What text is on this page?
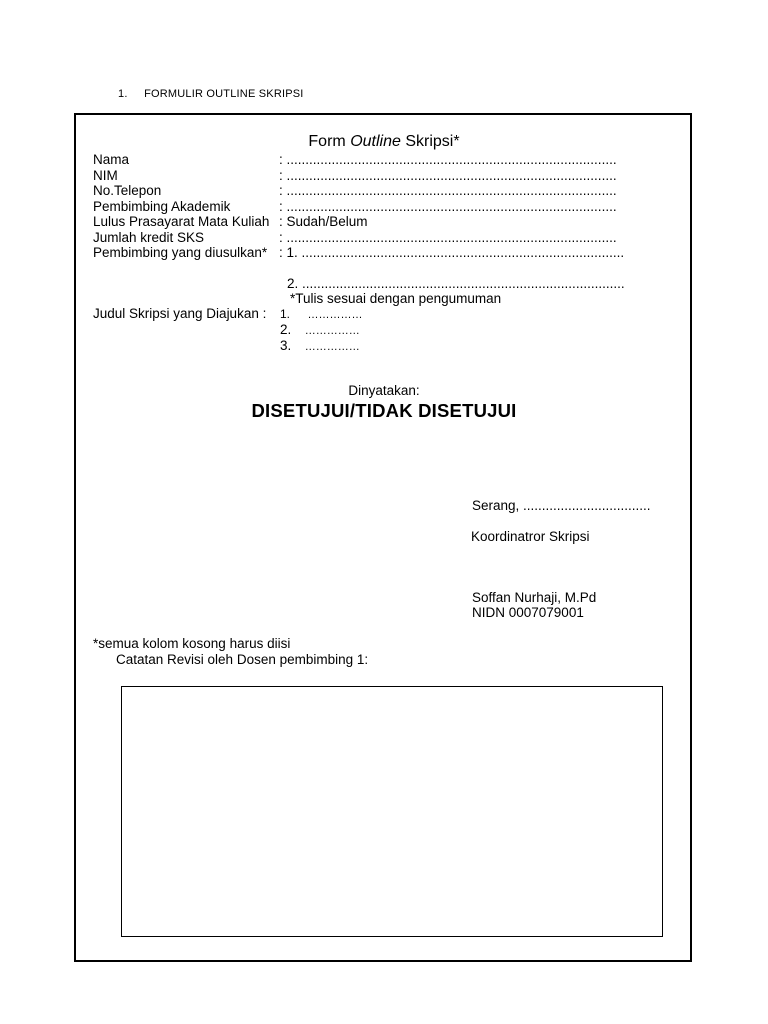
1. FORMULIR OUTLINE SKRIPSI
Form Outline Skripsi*
Nama	: ........................................................................................
NIM	: ........................................................................................
No.Telepon	: ........................................................................................
Pembimbing Akademik	: ........................................................................................
Lulus Prasayarat Mata Kuliah : Sudah/Belum
Jumlah kredit SKS	: ........................................................................................
Pembimbing yang diusulkan* : 1. ......................................................................................
2. ......................................................................................
*Tulis sesuai dengan pengumuman
Judul Skripsi yang Diajukan : 1. ……………
2. ……………
3. ……………
Dinyatakan:
DISETUJUI/TIDAK DISETUJUI
Serang, ..................................
Koordinatror Skripsi
Soffan Nurhaji, M.Pd
NIDN 0007079001
*semua kolom kosong harus diisi
Catatan Revisi oleh Dosen pembimbing 1:
